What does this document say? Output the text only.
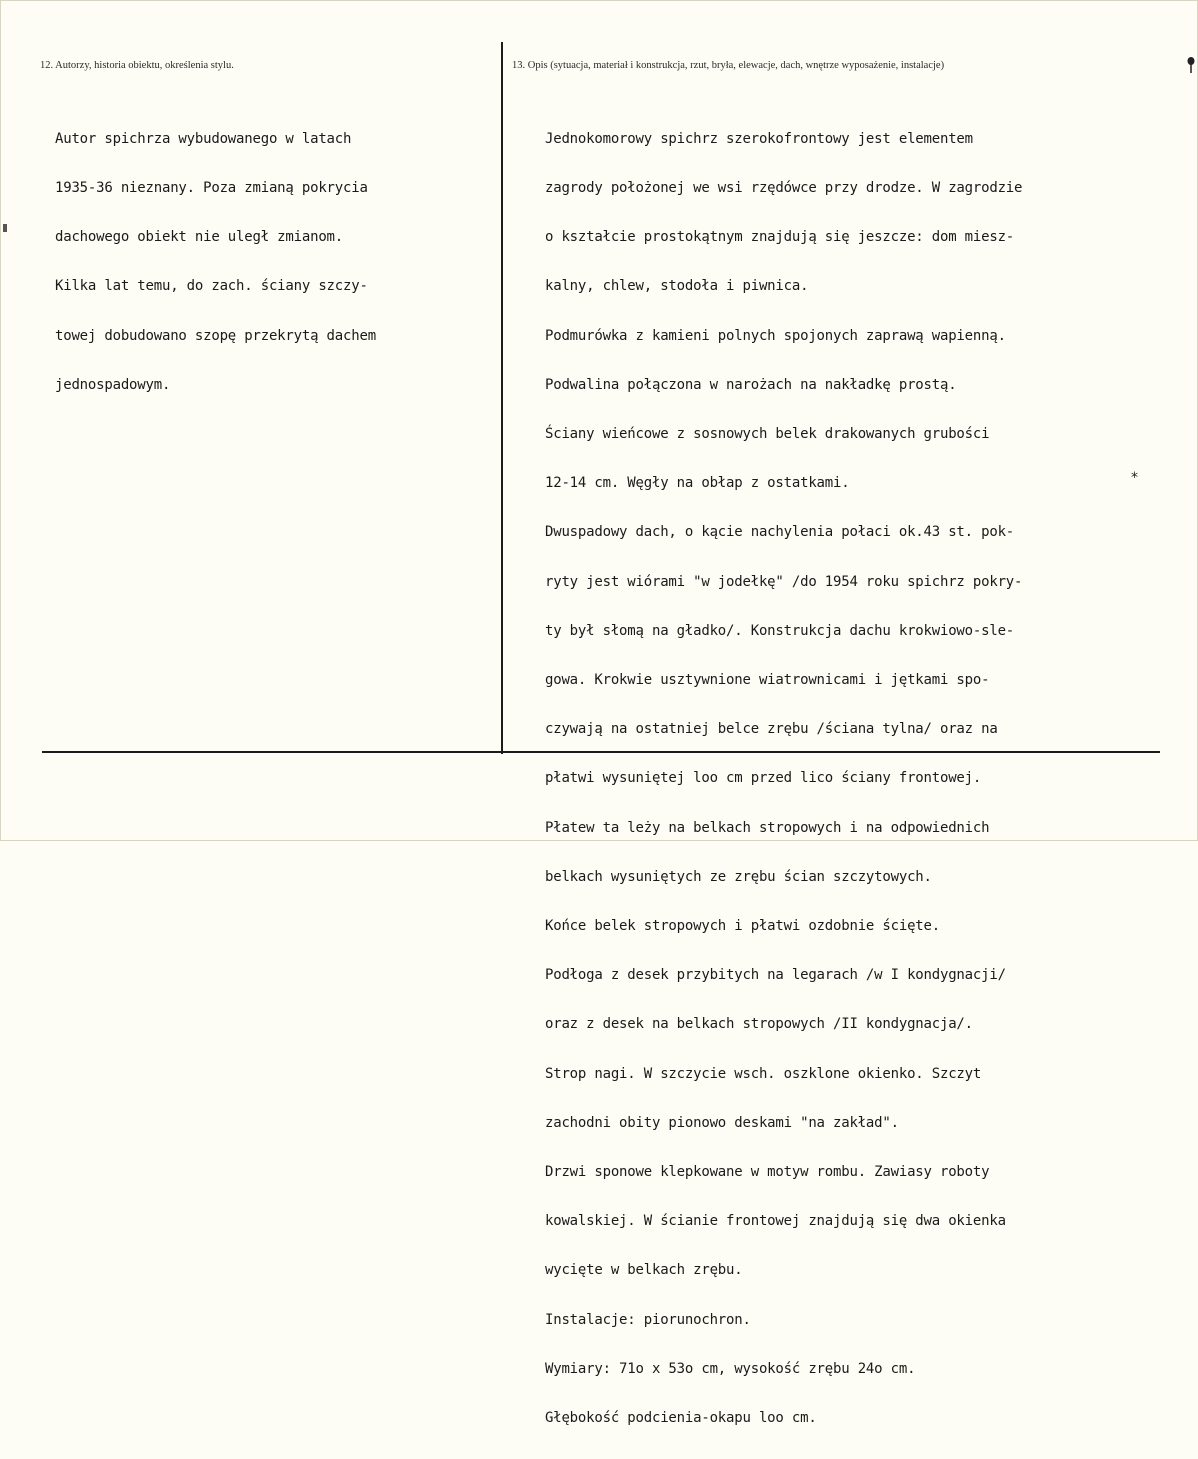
12. Autorzy, historia obiektu, określenia stylu.	13. Opis (sytuacja, materiał i konstrukcja, rzut, bryła, elewacje, dach, wnętrze wyposażenie, instalacje)

Autor spichrza wybudowanego w latach

1935-36 nieznany. Poza zmianą pokrycia

dachowego obiekt nie uległ zmianom.

Kilka lat temu, do zach. ściany szczy-

towej dobudowano szopę przekrytą dachem

jednospadowym.

Jednokomorowy spichrz szerokofrontowy jest elementem

zagrody położonej we wsi rzędówce przy drodze. W zagrodzie

o kształcie prostokątnym znajdują się jeszcze: dom miesz-

kalny, chlew, stodoła i piwnica.

Podmurówka z kamieni polnych spojonych zaprawą wapienną.

Podwalina połączona w narożach na nakładkę prostą.

Ściany wieńcowe z sosnowych belek drakowanych grubości

12-14 cm. Węgły na obłap z ostatkami.

Dwuspadowy dach, o kącie nachylenia połaci ok.43 st. pok-

ryty jest wiórami "w jodełkę" /do 1954 roku spichrz pokry-

ty był słomą na gładko/. Konstrukcja dachu krokwiowo-sle-

gowa. Krokwie usztywnione wiatrownicami i jętkami spo-

czywają na ostatniej belce zrębu /ściana tylna/ oraz na

płatwi wysuniętej loo cm przed lico ściany frontowej.

Płatew ta leży na belkach stropowych i na odpowiednich

belkach wysuniętych ze zrębu ścian szczytowych.

Końce belek stropowych i płatwi ozdobnie ścięte.

Podłoga z desek przybitych na legarach /w I kondygnacji/

oraz z desek na belkach stropowych /II kondygnacja/.

Strop nagi. W szczycie wsch. oszklone okienko. Szczyt

zachodni obity pionowo deskami "na zakład".

Drzwi sponowe klepkowane w motyw rombu. Zawiasy roboty

kowalskiej. W ścianie frontowej znajdują się dwa okienka

wycięte w belkach zrębu.

Instalacje: piorunochron.

Wymiary: 71o x 53o cm, wysokość zrębu 24o cm.

Głębokość podcienia-okapu loo cm.

*
